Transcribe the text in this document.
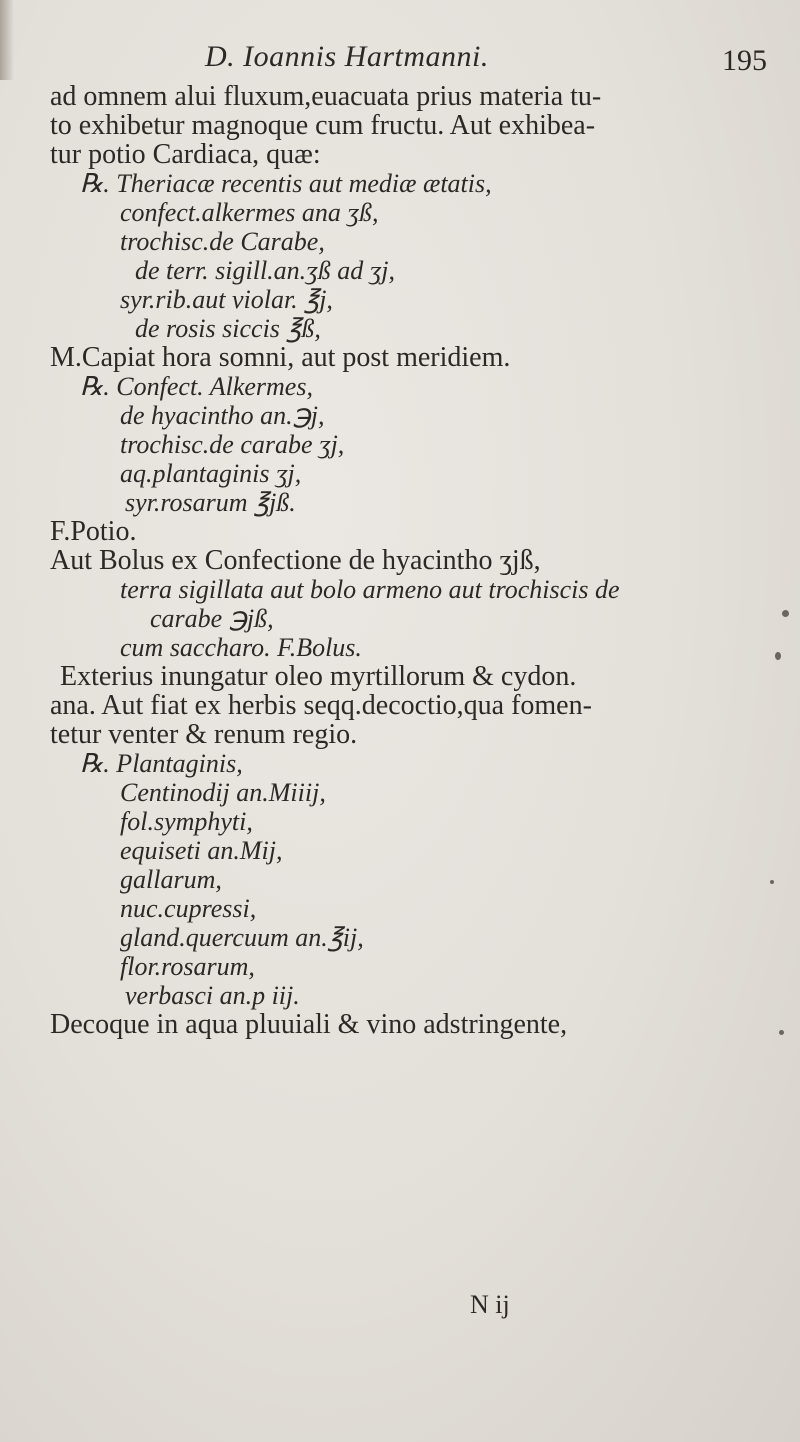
D. Ioannis Hartmanni.	195
ad omnem alui fluxum,euacuata prius materia tu-
to exhibetur magnoque cum fructu. Aut exhibea-
tur potio Cardiaca, quæ:
℞. Theriacæ recentis aut mediæ ætatis,
confect.alkermes ana ʒß,
trochisc.de Carabe,
de terr. sigill.an.ʒß ad ʒj,
syr.rib.aut violar. ℥j,
de rosis siccis ℥ß,
M.Capiat hora somni, aut post meridiem.
℞. Confect. Alkermes,
de hyacintho an.℈j,
trochisc.de carabe ʒj,
aq.plantaginis ʒj,
syr.rosarum ℥jß.
F.Potio.
Aut Bolus ex Confectione de hyacintho ʒjß,
terra sigillata aut bolo armeno aut trochiscis de
carabe ℈jß,
cum saccharo. F.Bolus.
Exterius inungatur oleo myrtillorum & cydon.
ana. Aut fiat ex herbis seqq.decoctio,qua fomen-
tetur venter & renum regio.
℞. Plantaginis,
Centinodij an.Miiij,
fol.symphyti,
equiseti an.Mij,
gallarum,
nuc.cupressi,
gland.quercuum an.℥ij,
flor.rosarum,
verbasci an.p iij.
Decoque in aqua pluuiali & vino adstringente,
N ij
